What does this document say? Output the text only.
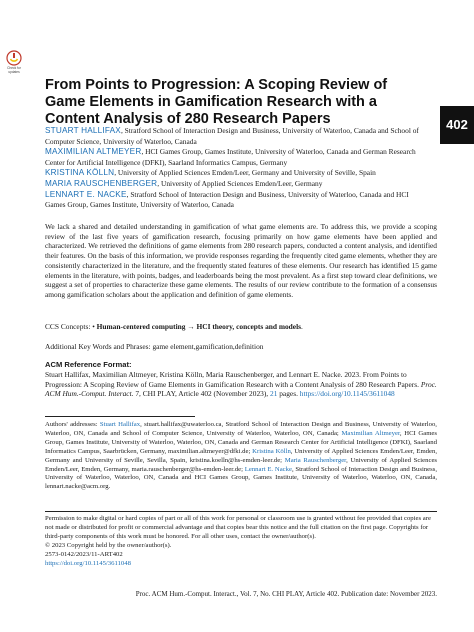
Check for updates
402
From Points to Progression: A Scoping Review of Game Elements in Gamification Research with a Content Analysis of 280 Research Papers
STUART HALLIFAX, Stratford School of Interaction Design and Business, University of Waterloo, Canada and School of Computer Science, University of Waterloo, Canada
MAXIMILIAN ALTMEYER, HCI Games Group, Games Institute, University of Waterloo, Canada and German Research Center for Artificial Intelligence (DFKI), Saarland Informatics Campus, Germany
KRISTINA KÖLLN, University of Applied Sciences Emden/Leer, Germany and University of Seville, Spain
MARIA RAUSCHENBERGER, University of Applied Sciences Emden/Leer, Germany
LENNART E. NACKE, Stratford School of Interaction Design and Business, University of Waterloo, Canada and HCI Games Group, Games Institute, University of Waterloo, Canada

We lack a shared and detailed understanding in gamification of what game elements are. To address this, we provide a scoping review of the last five years of gamification research, focusing primarily on how game elements have been applied and characterized. We retrieved the definitions of game elements from 280 research papers, conducted a content analysis, and identified their features. On the basis of this information, we provide responses regarding the frequently cited game elements, whether they are consistently characterized in the literature, and the frequently stated features of these elements. Our research has identified 15 game elements in the literature, with points, badges, and leaderboards being the most prevalent. As a first step toward clear definitions, we suggest a set of properties to characterize these game elements. The results of our review contribute to the formation of a consensus among gamification scholars about the application and definition of game elements.

CCS Concepts: • Human-centered computing → HCI theory, concepts and models.

Additional Key Words and Phrases: game element,gamification,definition

ACM Reference Format:

Stuart Hallifax, Maximilian Altmeyer, Kristina Kölln, Maria Rauschenberger, and Lennart E. Nacke. 2023. From Points to Progression: A Scoping Review of Game Elements in Gamification Research with a Content Analysis of 280 Research Papers. Proc. ACM Hum.-Comput. Interact. 7, CHI PLAY, Article 402 (November 2023), 21 pages. https://doi.org/10.1145/3611048

Authors' addresses: Stuart Hallifax, stuart.hallifax@uwaterloo.ca, Stratford School of Interaction Design and Business, University of Waterloo, Waterloo, ON, Canada and School of Computer Science, University of Waterloo, Waterloo, ON, Canada; Maximilian Altmeyer, HCI Games Group, Games Institute, University of Waterloo, Waterloo, ON, Canada and German Research Center for Artificial Intelligence (DFKI), Saarland Informatics Campus, Saarbrücken, Germany, maximilian.altmeyer@dfki.de; Kristina Kölln, University of Applied Sciences Emden/Leer, Emden, Germany and University of Seville, Sevilla, Spain, kristina.koelln@hs-emden-leer.de; Maria Rauschenberger, University of Applied Sciences Emden/Leer, Emden, Germany, maria.rauschenberger@hs-emden-leer.de; Lennart E. Nacke, Stratford School of Interaction Design and Business, University of Waterloo, Waterloo, ON, Canada and HCI Games Group, Games Institute, University of Waterloo, Waterloo, ON, Canada, lennart.nacke@acm.org.

Permission to make digital or hard copies of part or all of this work for personal or classroom use is granted without fee provided that copies are not made or distributed for profit or commercial advantage and that copies bear this notice and the full citation on the first page. Copyrights for third-party components of this work must be honored. For all other uses, contact the owner/author(s).
© 2023 Copyright held by the owner/author(s).
2573-0142/2023/11-ART402
https://doi.org/10.1145/3611048

Proc. ACM Hum.-Comput. Interact., Vol. 7, No. CHI PLAY, Article 402. Publication date: November 2023.
